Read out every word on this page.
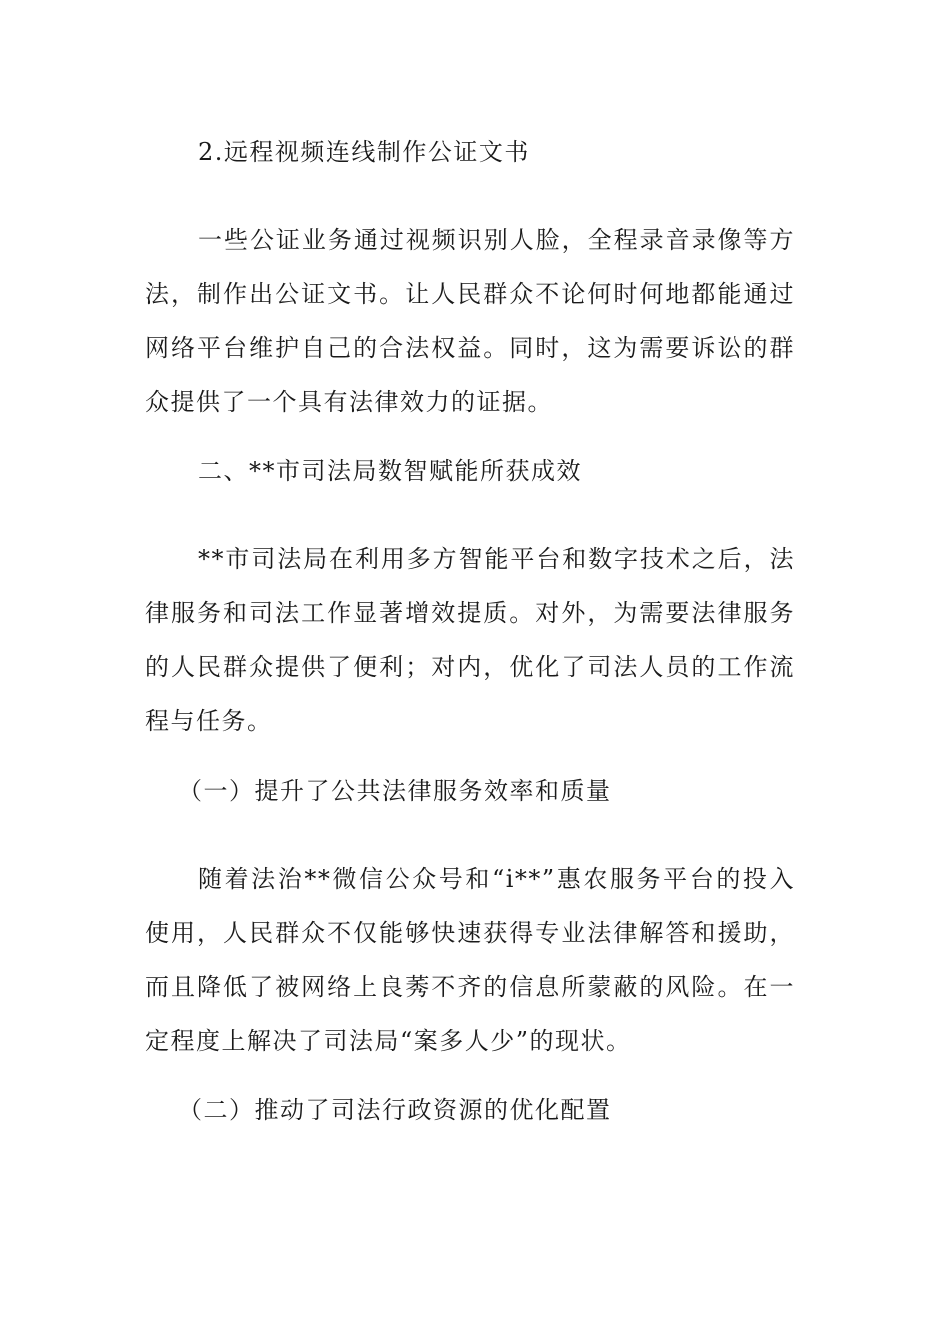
2.远程视频连线制作公证文书

一些公证业务通过视频识别人脸，全程录音录像等方法，制作出公证文书。让人民群众不论何时何地都能通过网络平台维护自己的合法权益。同时，这为需要诉讼的群众提供了一个具有法律效力的证据。

二、**市司法局数智赋能所获成效

**市司法局在利用多方智能平台和数字技术之后，法律服务和司法工作显著增效提质。对外，为需要法律服务的人民群众提供了便利；对内，优化了司法人员的工作流程与任务。

（一）提升了公共法律服务效率和质量

随着法治**微信公众号和“i**”惠农服务平台的投入使用，人民群众不仅能够快速获得专业法律解答和援助，而且降低了被网络上良莠不齐的信息所蒙蔽的风险。在一定程度上解决了司法局“案多人少”的现状。

（二）推动了司法行政资源的优化配置
